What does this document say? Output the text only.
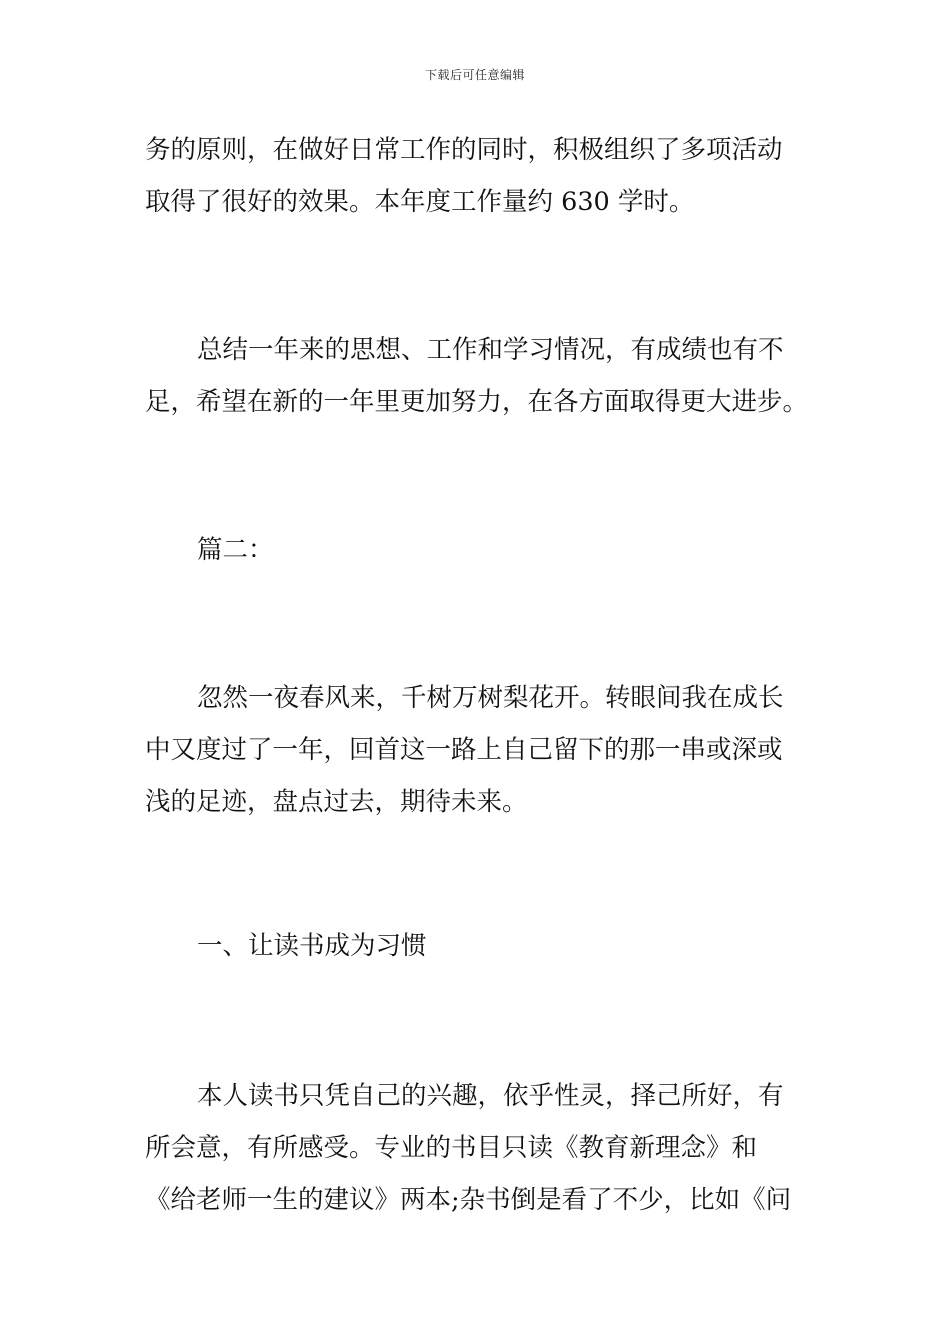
下载后可任意编辑

务的原则，在做好日常工作的同时，积极组织了多项活动
取得了很好的效果。本年度工作量约 630 学时。

总结一年来的思想、工作和学习情况，有成绩也有不
足，希望在新的一年里更加努力，在各方面取得更大进步。

篇二：

忽然一夜春风来，千树万树梨花开。转眼间我在成长
中又度过了一年，回首这一路上自己留下的那一串或深或
浅的足迹，盘点过去，期待未来。

一、让读书成为习惯

本人读书只凭自己的兴趣，依乎性灵，择己所好，有
所会意，有所感受。专业的书目只读《教育新理念》和
《给老师一生的建议》两本;杂书倒是看了不少，比如《问
